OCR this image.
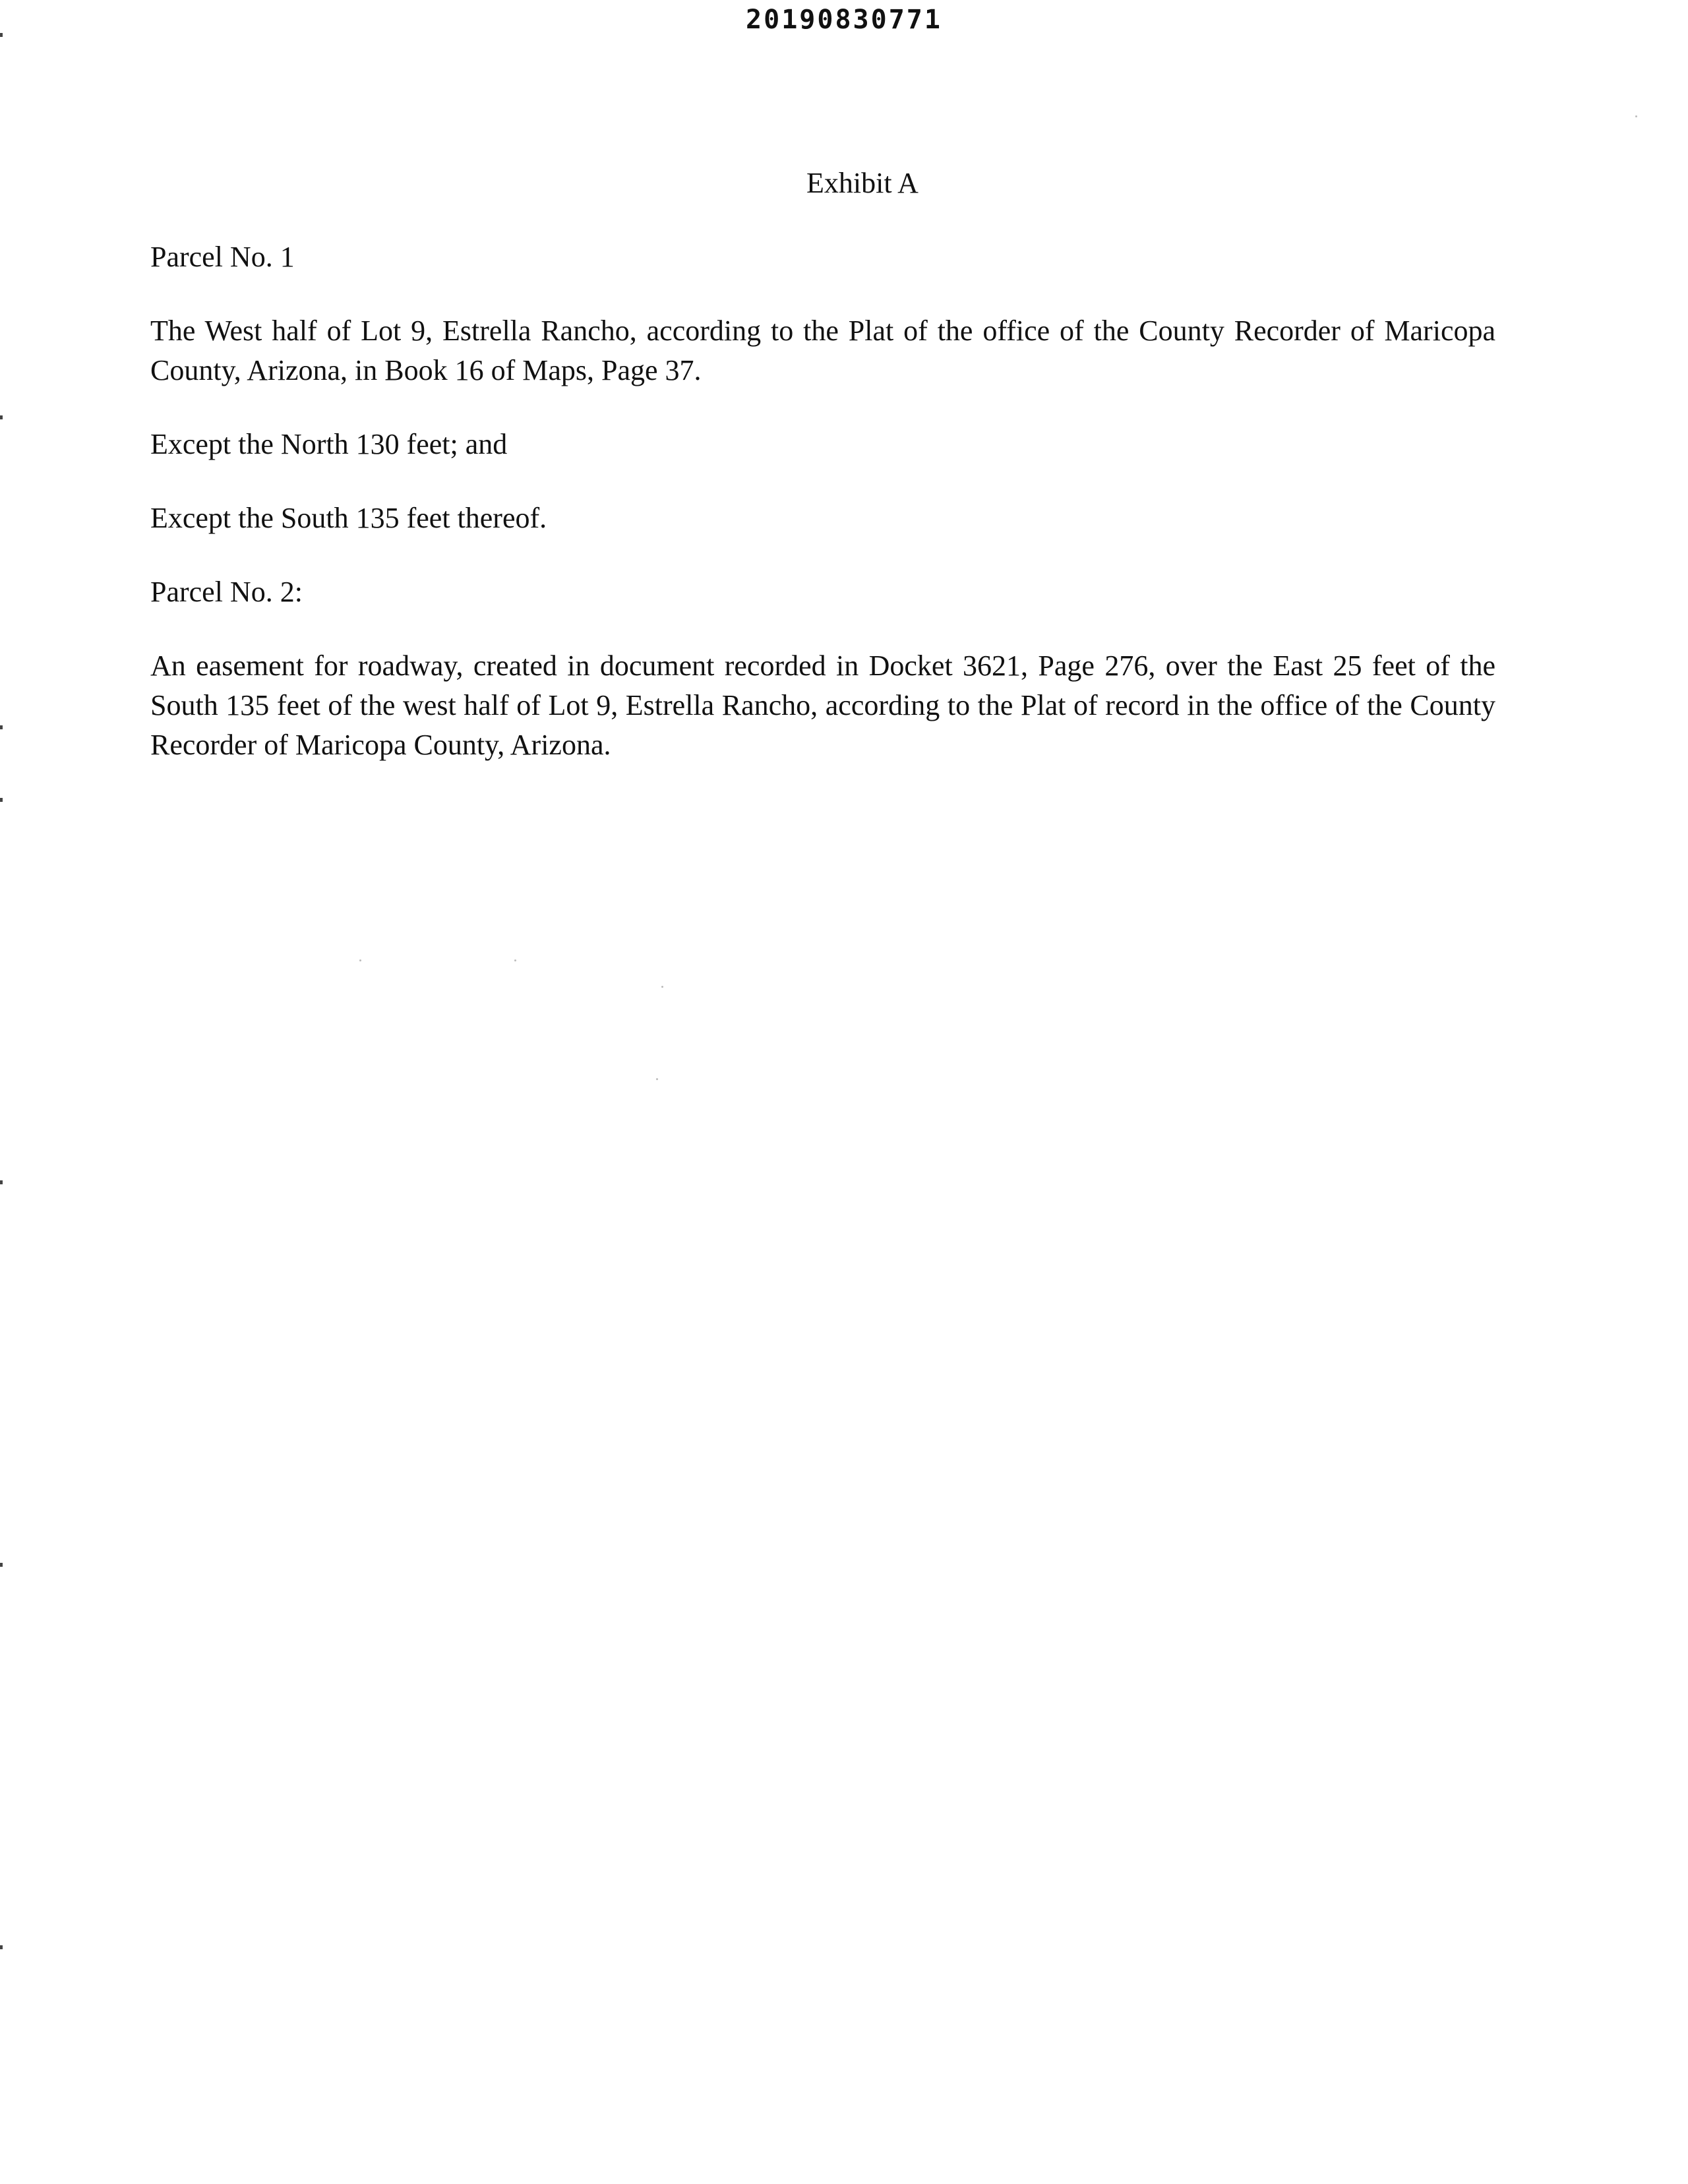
20190830771
Exhibit A
Parcel No. 1
The West half of Lot 9, Estrella Rancho, according to the Plat of the office of the County Recorder of Maricopa County, Arizona, in Book 16 of Maps, Page 37.
Except the North 130 feet; and
Except the South 135 feet thereof.
Parcel No. 2:
An easement for roadway, created in document recorded in Docket 3621, Page 276, over the East 25 feet of the South 135 feet of the west half of Lot 9, Estrella Rancho, according to the Plat of record in the office of the County Recorder of Maricopa County, Arizona.
